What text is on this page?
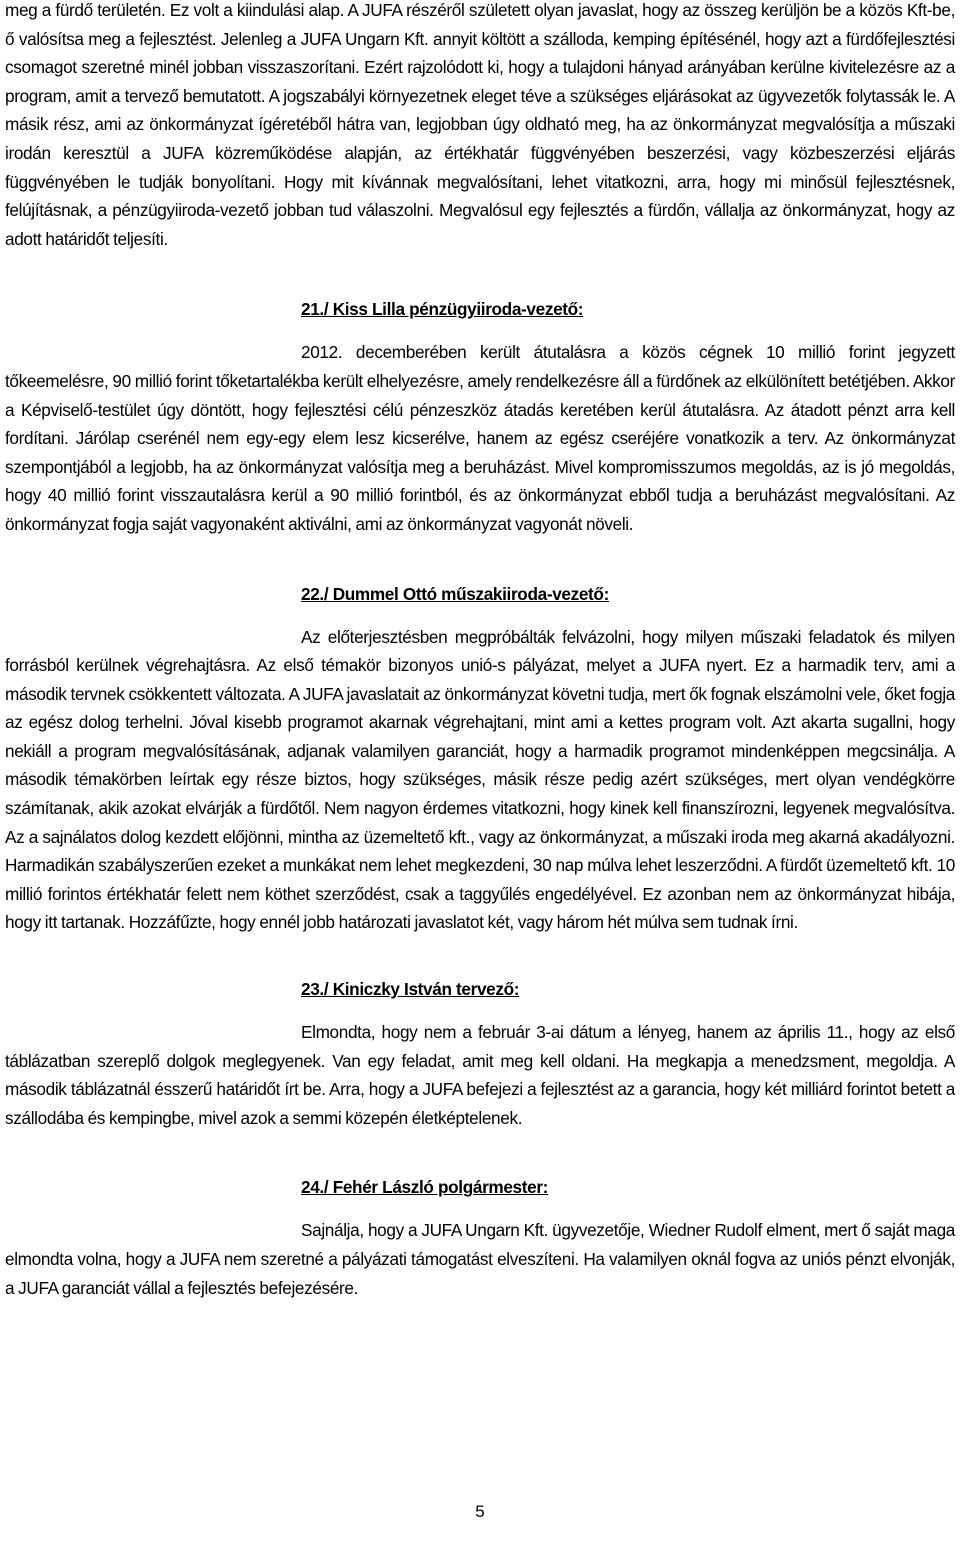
meg a fürdő területén. Ez volt a kiindulási alap. A JUFA részéről született olyan javaslat, hogy az összeg kerüljön be a közös Kft-be, ő valósítsa meg a fejlesztést. Jelenleg a JUFA Ungarn Kft. annyit költött a szálloda, kemping építésénél, hogy azt a fürdőfejlesztési csomagot szeretné minél jobban visszaszorítani. Ezért rajzolódott ki, hogy a tulajdoni hányad arányában kerülne kivitelezésre az a program, amit a tervező bemutatott. A jogszabályi környezetnek eleget téve a szükséges eljárásokat az ügyvezetők folytassák le. A másik rész, ami az önkormányzat ígéretéből hátra van, legjobban úgy oldható meg, ha az önkormányzat megvalósítja a műszaki irodán keresztül a JUFA közreműködése alapján, az értékhatár függvényében beszerzési, vagy közbeszerzési eljárás függvényében le tudják bonyolítani. Hogy mit kívánnak megvalósítani, lehet vitatkozni, arra, hogy mi minősül fejlesztésnek, felújításnak, a pénzügyiiroda-vezető jobban tud válaszolni. Megvalósul egy fejlesztés a fürdőn, vállalja az önkormányzat, hogy az adott határidőt teljesíti.

21./ Kiss Lilla pénzügyiiroda-vezető:

2012. decemberében került átutalásra a közös cégnek 10 millió forint jegyzett tőkeemelésre, 90 millió forint tőketartalékba került elhelyezésre, amely rendelkezésre áll a fürdőnek az elkülönített betétjében. Akkor a Képviselő-testület úgy döntött, hogy fejlesztési célú pénzeszköz átadás keretében kerül átutalásra. Az átadott pénzt arra kell fordítani. Járólap cserénél nem egy-egy elem lesz kicserélve, hanem az egész cseréjére vonatkozik a terv. Az önkormányzat szempontjából a legjobb, ha az önkormányzat valósítja meg a beruházást. Mivel kompromisszumos megoldás, az is jó megoldás, hogy 40 millió forint visszautalásra kerül a 90 millió forintból, és az önkormányzat ebből tudja a beruházást megvalósítani. Az önkormányzat fogja saját vagyonaként aktiválni, ami az önkormányzat vagyonát növeli.

22./ Dummel Ottó műszakiiroda-vezető:

Az előterjesztésben megpróbálták felvázolni, hogy milyen műszaki feladatok és milyen forrásból kerülnek végrehajtásra. Az első témakör bizonyos unió-s pályázat, melyet a JUFA nyert. Ez a harmadik terv, ami a második tervnek csökkentett változata. A JUFA javaslatait az önkormányzat követni tudja, mert ők fognak elszámolni vele, őket fogja az egész dolog terhelni. Jóval kisebb programot akarnak végrehajtani, mint ami a kettes program volt. Azt akarta sugallni, hogy nekiáll a program megvalósításának, adjanak valamilyen garanciát, hogy a harmadik programot mindenképpen megcsinálja. A második témakörben leírtak egy része biztos, hogy szükséges, másik része pedig azért szükséges, mert olyan vendégkörre számítanak, akik azokat elvárják a fürdőtől. Nem nagyon érdemes vitatkozni, hogy kinek kell finanszírozni, legyenek megvalósítva. Az a sajnálatos dolog kezdett előjönni, mintha az üzemeltető kft., vagy az önkormányzat, a műszaki iroda meg akarná akadályozni. Harmadikán szabályszerűen ezeket a munkákat nem lehet megkezdeni, 30 nap múlva lehet leszerződni. A fürdőt üzemeltető kft. 10 millió forintos értékhatár felett nem köthet szerződést, csak a taggyűlés engedélyével. Ez azonban nem az önkormányzat hibája, hogy itt tartanak. Hozzáfűzte, hogy ennél jobb határozati javaslatot két, vagy három hét múlva sem tudnak írni.

23./ Kiniczky István tervező:

Elmondta, hogy nem a február 3-ai dátum a lényeg, hanem az április 11., hogy az első táblázatban szereplő dolgok meglegyenek. Van egy feladat, amit meg kell oldani. Ha megkapja a menedzsment, megoldja. A második táblázatnál ésszerű határidőt írt be. Arra, hogy a JUFA befejezi a fejlesztést az a garancia, hogy két milliárd forintot betett a szállodába és kempingbe, mivel azok a semmi közepén életképtelenek.

24./ Fehér László polgármester:

Sajnálja, hogy a JUFA Ungarn Kft. ügyvezetője, Wiedner Rudolf elment, mert ő saját maga elmondta volna, hogy a JUFA nem szeretné a pályázati támogatást elveszíteni. Ha valamilyen oknál fogva az uniós pénzt elvonják, a JUFA garanciát vállal a fejlesztés befejezésére.

5
